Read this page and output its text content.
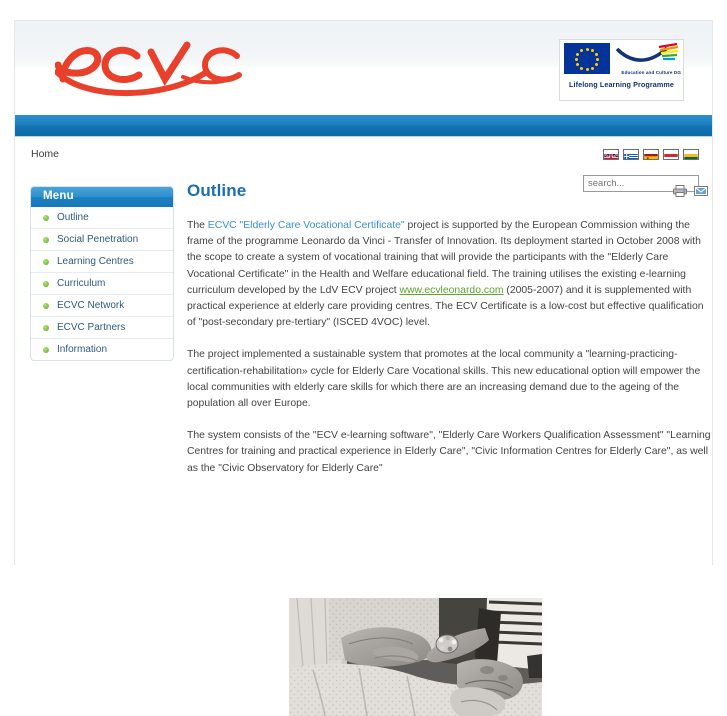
Education and Culture DG
Lifelong Learning Programme
Home
search...
Menu
Outline
Social Penetration
Learning Centres
Curriculum
ECVC Network
ECVC Partners
Information
Outline

The ECVC "Elderly Care Vocational Certificate" project is supported by the European Commission withing the frame of the programme Leonardo da Vinci - Transfer of Innovation. Its deployment started in October 2008 with the scope to create a system of vocational training that will provide the participants with the "Elderly Care Vocational Certificate" in the Health and Welfare educational field. The training utilises the existing e-learning curriculum developed by the LdV ECV project www.ecvleonardo.com (2005-2007) and it is supplemented with practical experience at elderly care providing centres. The ECV Certificate is a low-cost but effective qualification of "post-secondary pre-tertiary" (ISCED 4VOC) level.

The project implemented a sustainable system that promotes at the local community a "learning-practicing-certification-rehabilitation» cycle for Elderly Care Vocational skills. This new educational option will empower the local communities with elderly care skills for which there are an increasing demand due to the ageing of the population all over Europe.

The system consists of the "ECV e-learning software", "Elderly Care Workers Qualification Assessment" "Learning Centres for training and practical experience in Elderly Care", "Civic Information Centres for Elderly Care", as well as the "Civic Observatory for Elderly Care"
